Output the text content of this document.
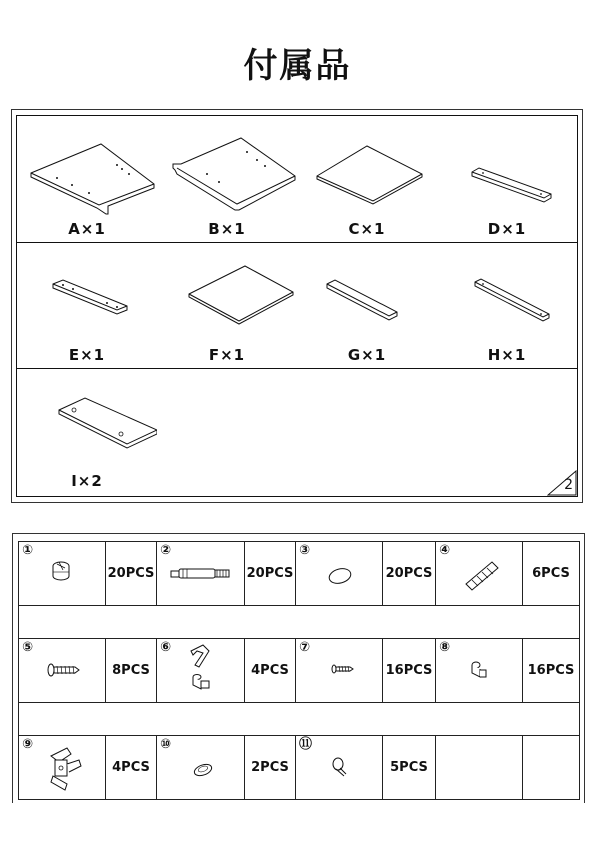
付属品
A×1	B×1	C×1	D×1
E×1	F×1	G×1	H×1
I×2	2
①	20PCS	②	20PCS	③	20PCS	④	6PCS

⑤	8PCS	⑥	4PCS	⑦	16PCS	⑧	16PCS

⑨	4PCS	⑩	2PCS	⑪	5PCS		
